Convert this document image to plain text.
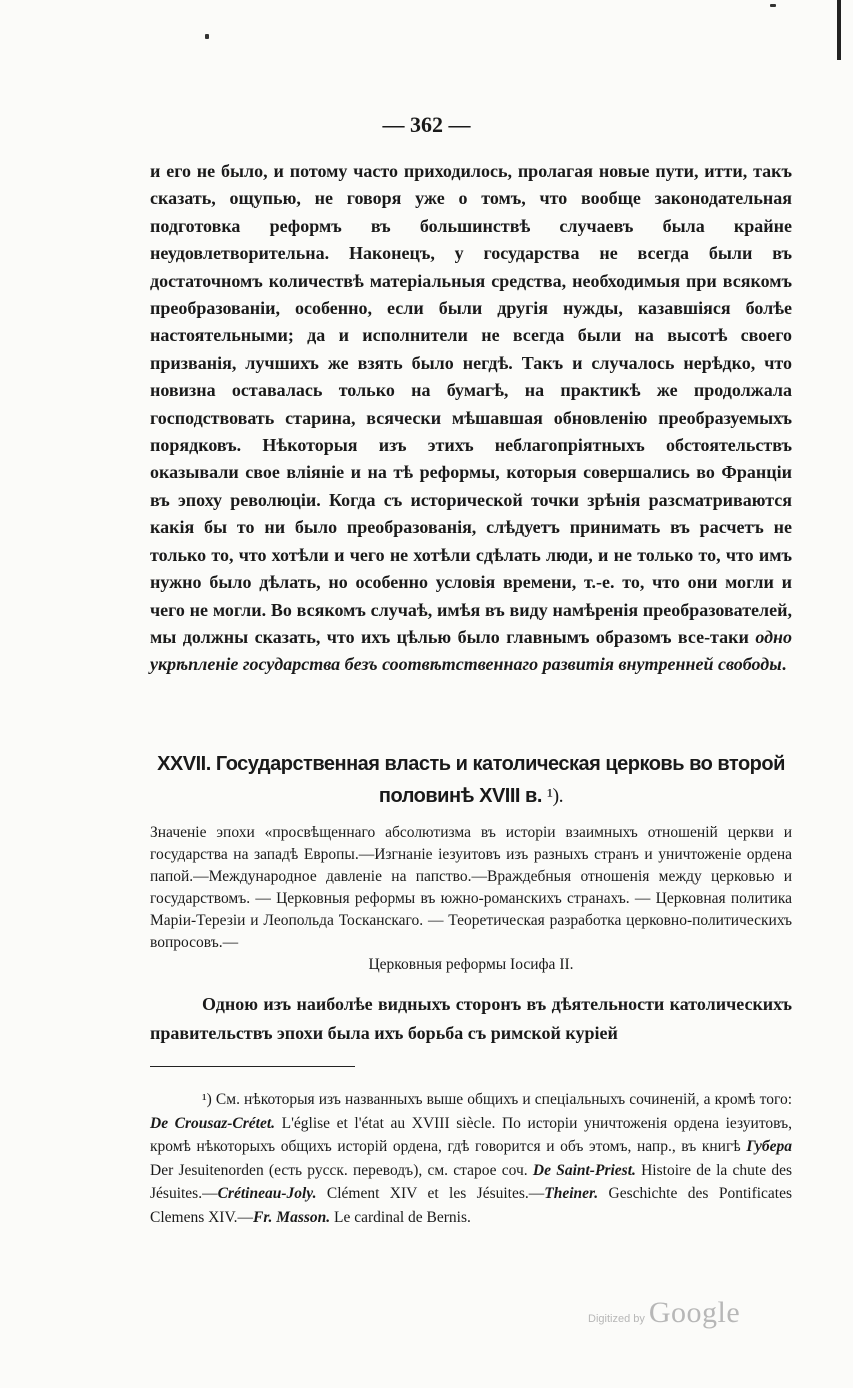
— 362 —
и его не было, и потому часто приходилось, пролагая новые пути, итти, такъ сказать, ощупью, не говоря уже о томъ, что вообще законодательная подготовка реформъ въ большинствѣ случаевъ была крайне неудовлетворительна. Наконецъ, у государства не всегда были въ достаточномъ количествѣ матеріальныя средства, необходимыя при всякомъ преобразованіи, особенно, если были другія нужды, казавшіяся болѣе настоятельными; да и исполнители не всегда были на высотѣ своего призванія, лучшихъ же взять было негдѣ. Такъ и случалось нерѣдко, что новизна оставалась только на бумагѣ, на практикѣ же продолжала господствовать старина, всячески мѣшавшая обновленію преобразуемыхъ порядковъ. Нѣкоторыя изъ этихъ неблагопріятныхъ обстоятельствъ оказывали свое вліяніе и на тѣ реформы, которыя совершались во Франціи въ эпоху революціи. Когда съ исторической точки зрѣнія разсматриваются какія бы то ни было преобразованія, слѣдуетъ принимать въ расчетъ не только то, что хотѣли и чего не хотѣли сдѣлать люди, и не только то, что имъ нужно было дѣлать, но особенно условія времени, т.-е. то, что они могли и чего не могли. Во всякомъ случаѣ, имѣя въ виду намѣренія преобразователей, мы должны сказать, что ихъ цѣлью было главнымъ образомъ все-таки одно укрѣпленіе государства безъ соотвѣтственнаго развитія внутренней свободы.
XXVII. Государственная власть и католическая церковь во второй половинѣ XVIII в. ¹).
Значеніе эпохи «просвѣщеннаго абсолютизма въ исторіи взаимныхъ отношеній церкви и государства на западѣ Европы.—Изгнаніе іезуитовъ изъ разныхъ странъ и уничтоженіе ордена папой.—Международное давленіе на папство.—Враждебныя отношенія между церковью и государствомъ. — Церковныя реформы въ южно-романскихъ странахъ. — Церковная политика Маріи-Терезіи и Леопольда Тосканскаго. — Теоретическая разработка церковно-политическихъ вопросовъ.—
Церковныя реформы Іосифа II.
Одною изъ наиболѣе видныхъ сторонъ въ дѣятельности католическихъ правительствъ эпохи была ихъ борьба съ римской куріей
¹) См. нѣкоторыя изъ названныхъ выше общихъ и спеціальныхъ сочиненій, а кромѣ того: De Crousaz-Crétet. L'église et l'état au XVIII siècle. По исторіи уничтоженія ордена іезуитовъ, кромѣ нѣкоторыхъ общихъ исторій ордена, гдѣ говорится и объ этомъ, напр., въ книгѣ Губера Der Jesuitenorden (есть русск. переводъ), см. старое соч. De Saint-Priest. Histoire de la chute des Jésuites.—Crétineau-Joly. Clément XIV et les Jésuites.—Theiner. Geschichte des Pontificates Clemens XIV.—Fr. Masson. Le cardinal de Bernis.
Digitized by Google
